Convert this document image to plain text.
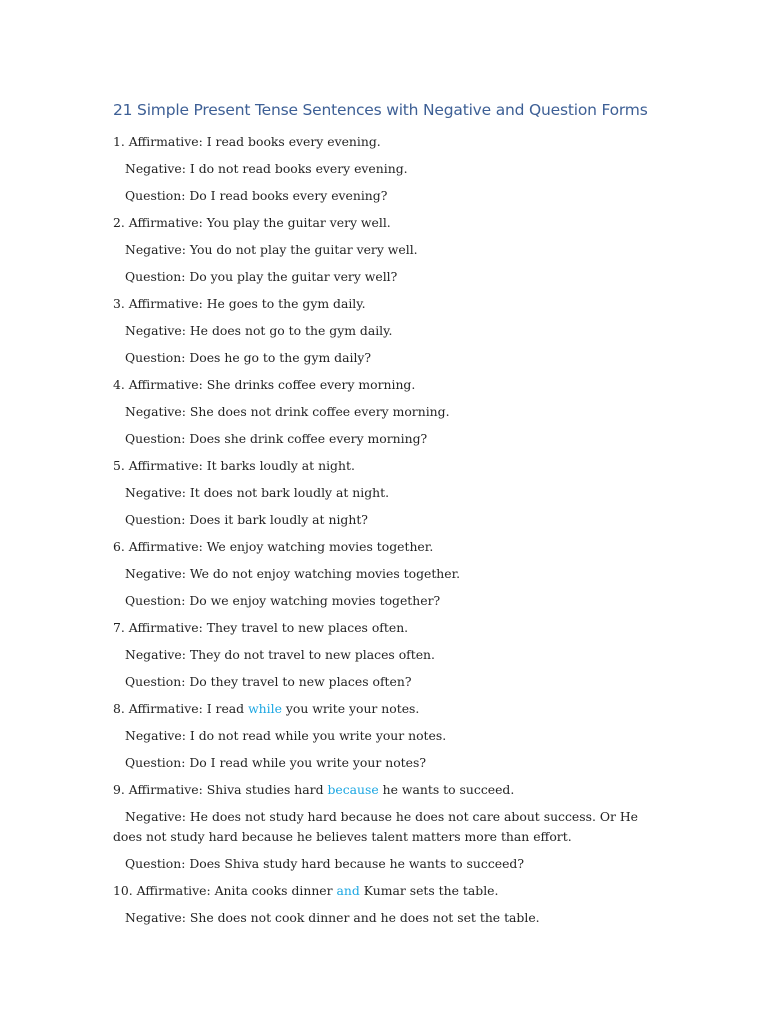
21 Simple Present Tense Sentences with Negative and Question Forms

1. Affirmative: I read books every evening.

Negative: I do not read books every evening.

Question: Do I read books every evening?

2. Affirmative: You play the guitar very well.

Negative: You do not play the guitar very well.

Question: Do you play the guitar very well?

3. Affirmative: He goes to the gym daily.

Negative: He does not go to the gym daily.

Question: Does he go to the gym daily?

4. Affirmative: She drinks coffee every morning.

Negative: She does not drink coffee every morning.

Question: Does she drink coffee every morning?

5. Affirmative: It barks loudly at night.

Negative: It does not bark loudly at night.

Question: Does it bark loudly at night?

6. Affirmative: We enjoy watching movies together.

Negative: We do not enjoy watching movies together.

Question: Do we enjoy watching movies together?

7. Affirmative: They travel to new places often.

Negative: They do not travel to new places often.

Question: Do they travel to new places often?

8. Affirmative: I read while you write your notes.

Negative: I do not read while you write your notes.

Question: Do I read while you write your notes?

9. Affirmative: Shiva studies hard because he wants to succeed.

Negative: He does not study hard because he does not care about success. Or He does not study hard because he believes talent matters more than effort.

Question: Does Shiva study hard because he wants to succeed?

10. Affirmative: Anita cooks dinner and Kumar sets the table.

Negative: She does not cook dinner and he does not set the table.
